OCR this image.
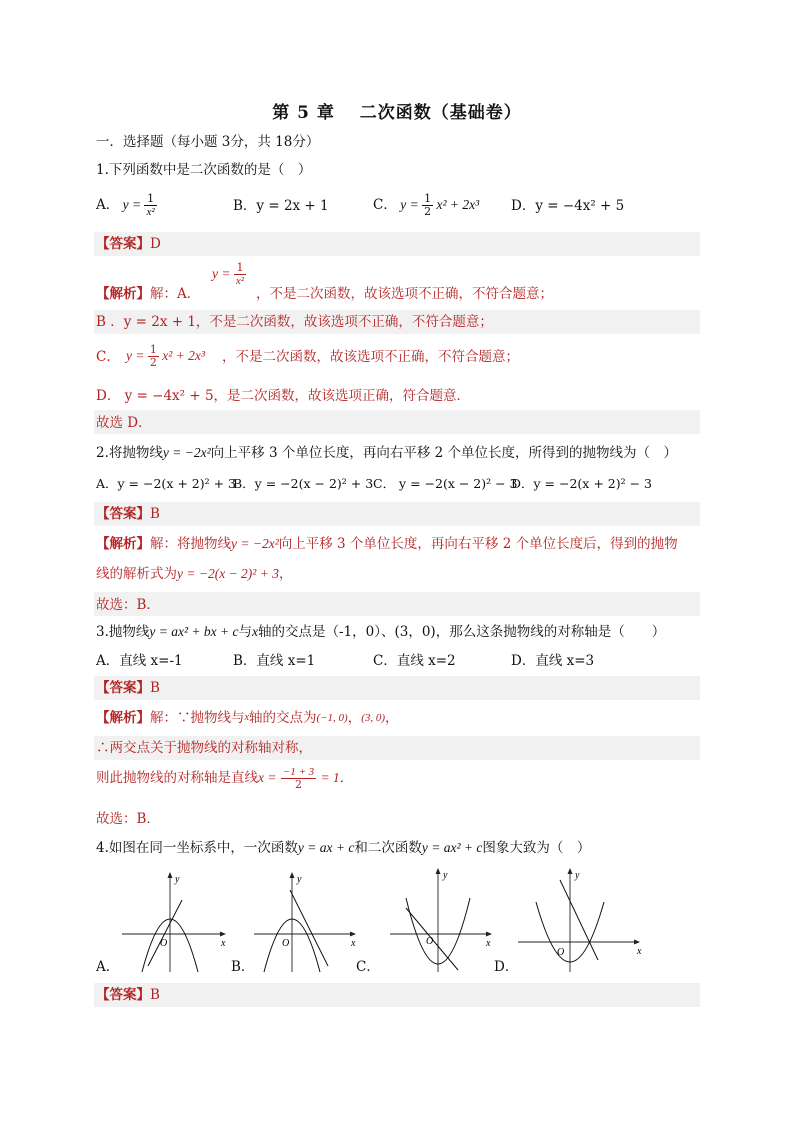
第 5 章　 二次函数（基础卷）
一．选择题（每小题 3分，共 18分）
1.下列函数中是二次函数的是（　）
A． $y = \frac{1}{\text{x²}}$	B．y = 2x + 1	C． $y = \frac{1}{2} x^2 + 2x^3$ D．y = −4x² + 5
【答案】D
【解析】解：A．
$y = \frac{1}{\text{x²}}$
，不是二次函数，故该选项不正确，不符合题意；
B ．y = 2x + 1，不是二次函数，故该选项不正确，不符合题意；
C． $y = \frac{1}{2} x^2 + 2x^3$ ，不是二次函数，故该选项不正确，不符合题意；
D． y = −4x² + 5，是二次函数，故该选项正确，符合题意．
故选 D．
2.将抛物线y = −2x²向上平移 3 个单位长度，再向右平移 2 个单位长度，所得到的抛物线为（　）
A．y = −2(x + 2)² + 3
B．y = −2(x − 2)² + 3 C． y = −2(x − 2)² − 3
D．y = −2(x + 2)² − 3
【答案】B
【解析】解：将抛物线y = −2x²向上平移 3 个单位长度，再向右平移 2 个单位长度后，得到的抛物
线的解析式为y = −2(x − 2)² + 3，
故选：B．
3.抛物线y = ax² + bx + c与x轴的交点是（-1，0）、(3，0)，那么这条抛物线的对称轴是（　　）
A．直线 x=-1	B．直线 x=1	C．直线 x=2	D．直线 x=3
【答案】B
【解析】解：∵抛物线与$^x$轴的交点为$^{(-1, 0)}$，$^{(3, 0)}$，
∴两交点关于抛物线的对称轴对称，
则此抛物线的对称轴是直线$x = \frac{-1 + 3}{2} = 1$．
故选：B．
4.如图在同一坐标系中，一次函数y = ax + c和二次函数y = ax² + c图象大致为（　）
y
x
O
A．
y
x
O
B．
y
x
O
C．
y
x
O
D．
【答案】B
